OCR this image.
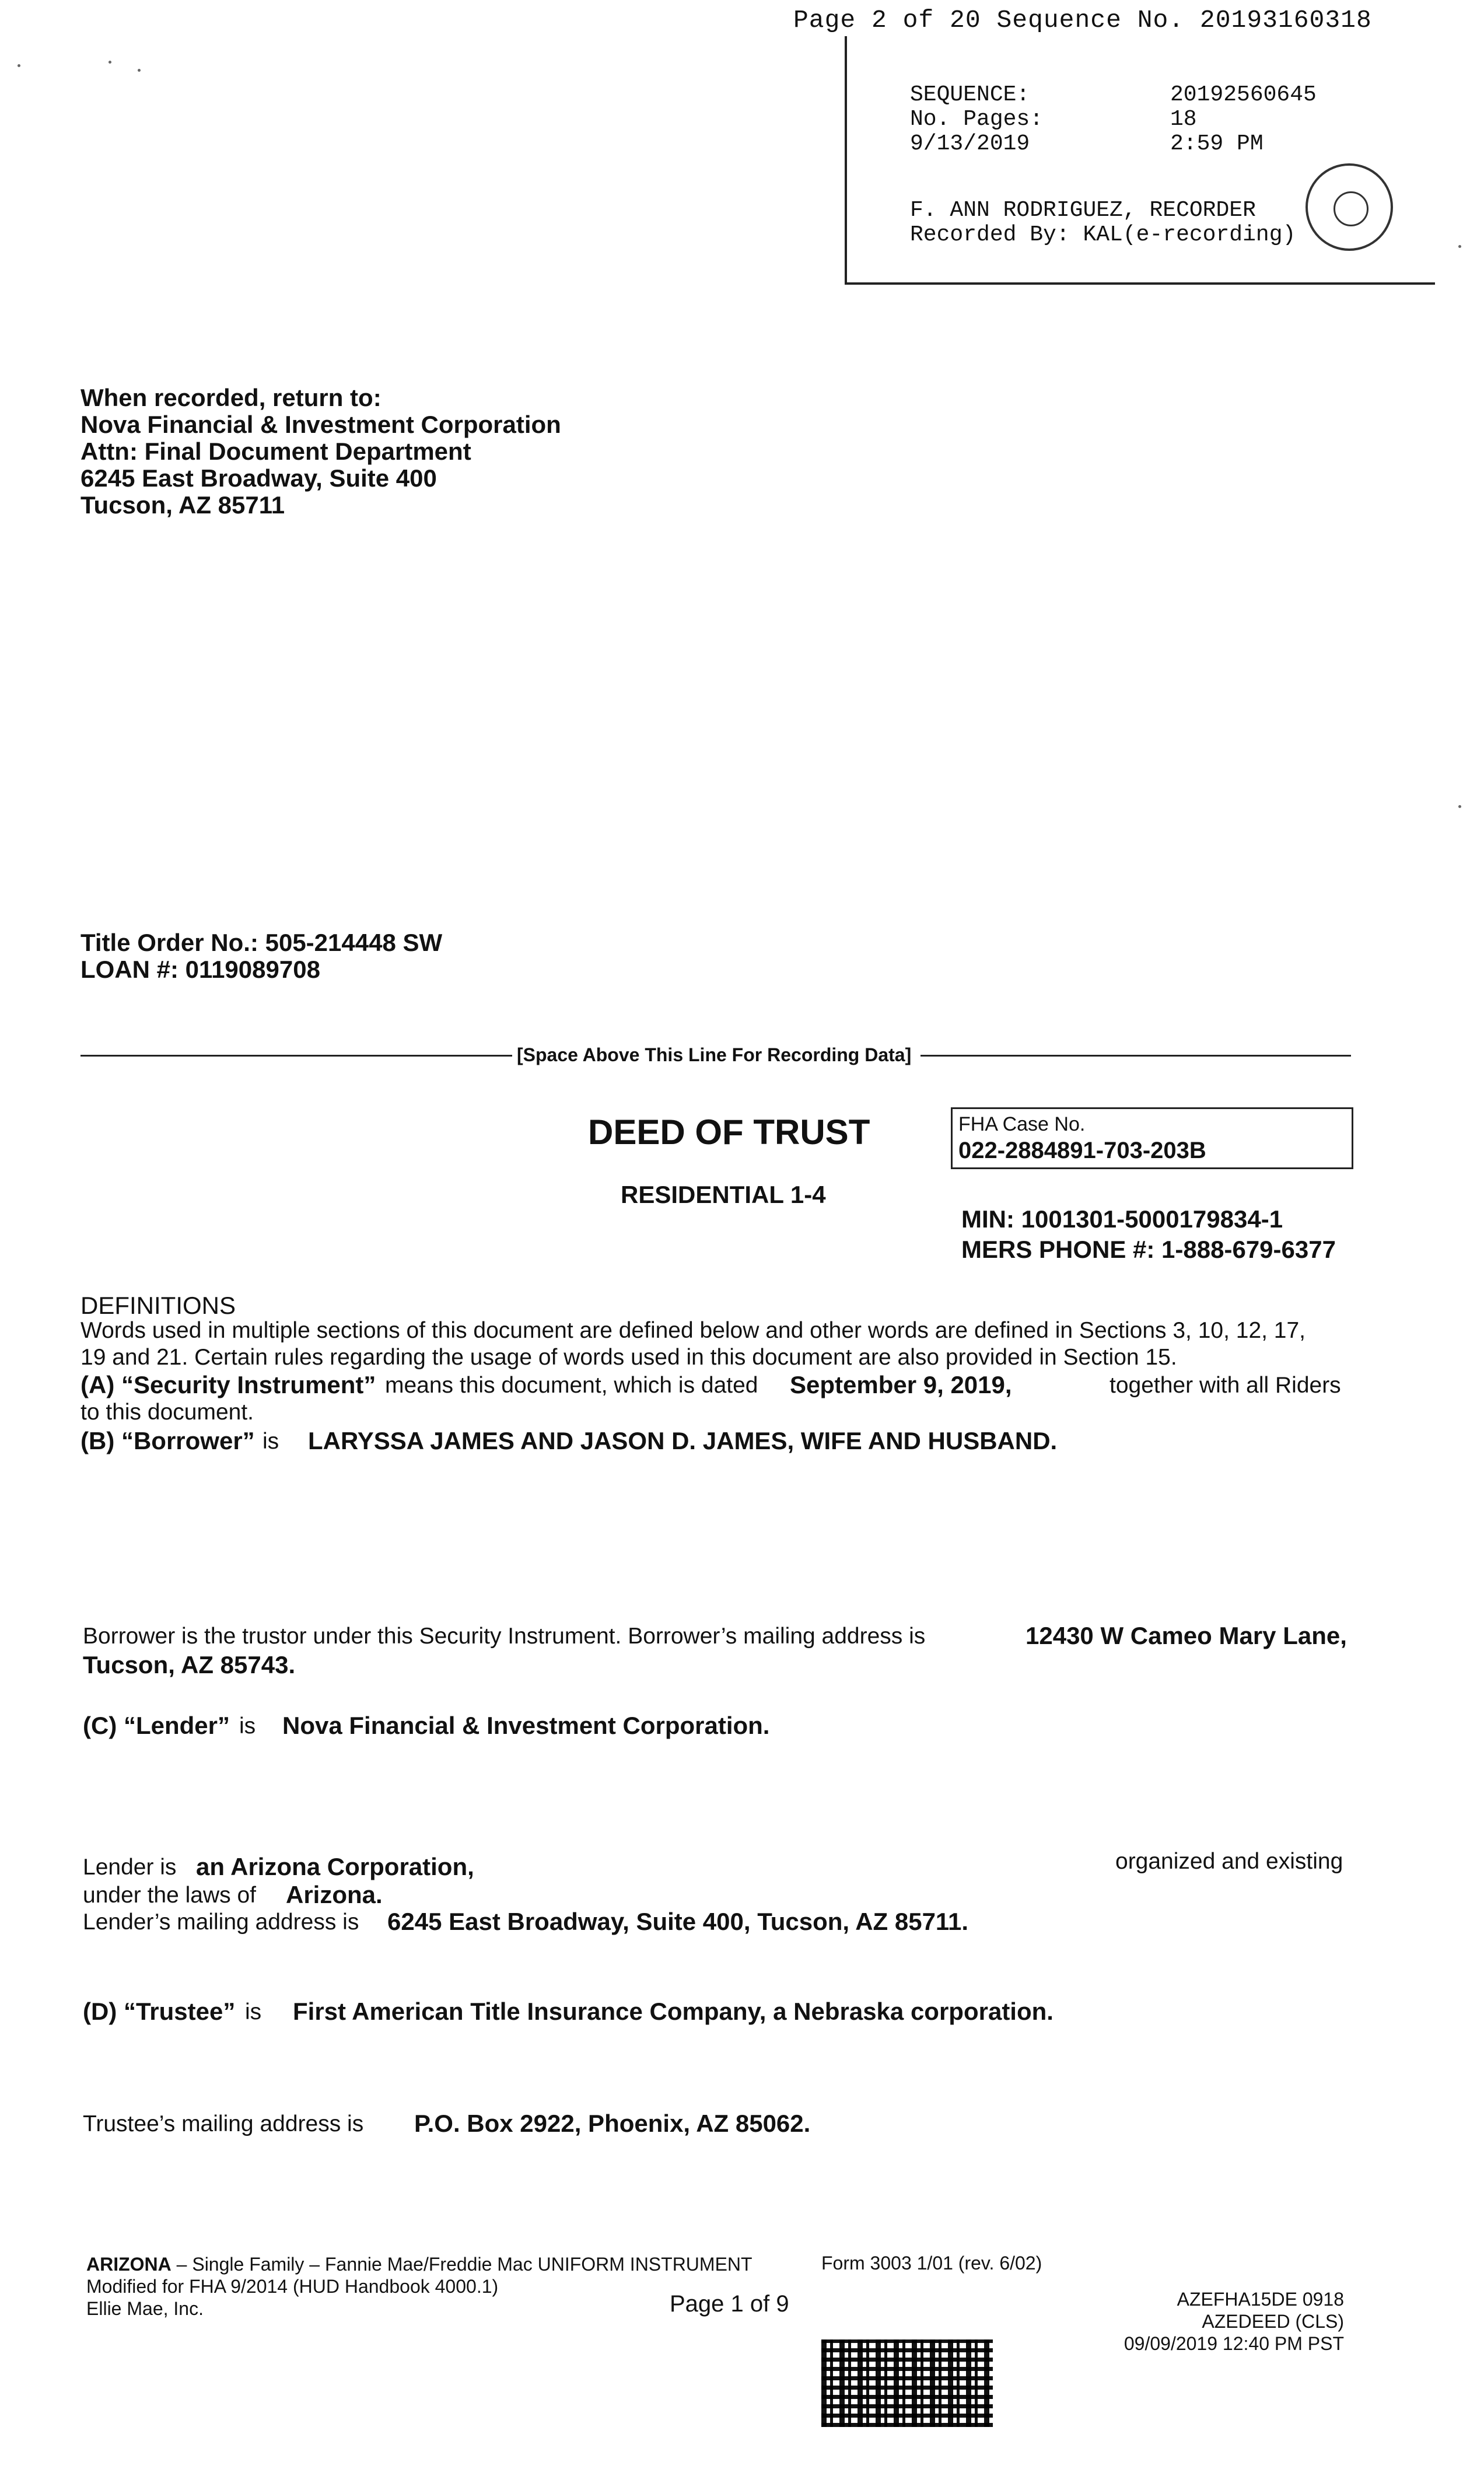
Page 2 of 20 Sequence No. 20193160318
SEQUENCE:	20192560645
No. Pages:	18
9/13/2019	2:59 PM
F. ANN RODRIGUEZ, RECORDER
Recorded By: KAL(e-recording)
When recorded, return to:
Nova Financial & Investment Corporation
Attn: Final Document Department
6245 East Broadway, Suite 400
Tucson, AZ 85711
Title Order No.: 505-214448 SW
LOAN #: 0119089708
[Space Above This Line For Recording Data]
DEED OF TRUST
RESIDENTIAL 1-4
FHA Case No.
022-2884891-703-203B
MIN: 1001301-5000179834-1
MERS PHONE #: 1-888-679-6377
DEFINITIONS
Words used in multiple sections of this document are defined below and other words are defined in Sections 3, 10, 12, 17,
19 and 21. Certain rules regarding the usage of words used in this document are also provided in Section 15.
(A) “Security Instrument” means this document, which is dated September 9, 2019,	together with all Riders
to this document.
(B) “Borrower” is LARYSSA JAMES AND JASON D. JAMES, WIFE AND HUSBAND.
Borrower is the trustor under this Security Instrument. Borrower’s mailing address is	12430 W Cameo Mary Lane,
Tucson, AZ 85743.
(C) “Lender” is Nova Financial & Investment Corporation.
Lender is an Arizona Corporation,	organized and existing
under the laws of Arizona.
Lender’s mailing address is 6245 East Broadway, Suite 400, Tucson, AZ 85711.
(D) “Trustee” is First American Title Insurance Company, a Nebraska corporation.
Trustee’s mailing address is P.O. Box 2922, Phoenix, AZ 85062.
ARIZONA – Single Family – Fannie Mae/Freddie Mac UNIFORM INSTRUMENT	Form 3003 1/01 (rev. 6/02)
Modified for FHA 9/2014 (HUD Handbook 4000.1)
Ellie Mae, Inc.	Page 1 of 9	AZEFHA15DE 0918
AZEDEED (CLS)
09/09/2019 12:40 PM PST
